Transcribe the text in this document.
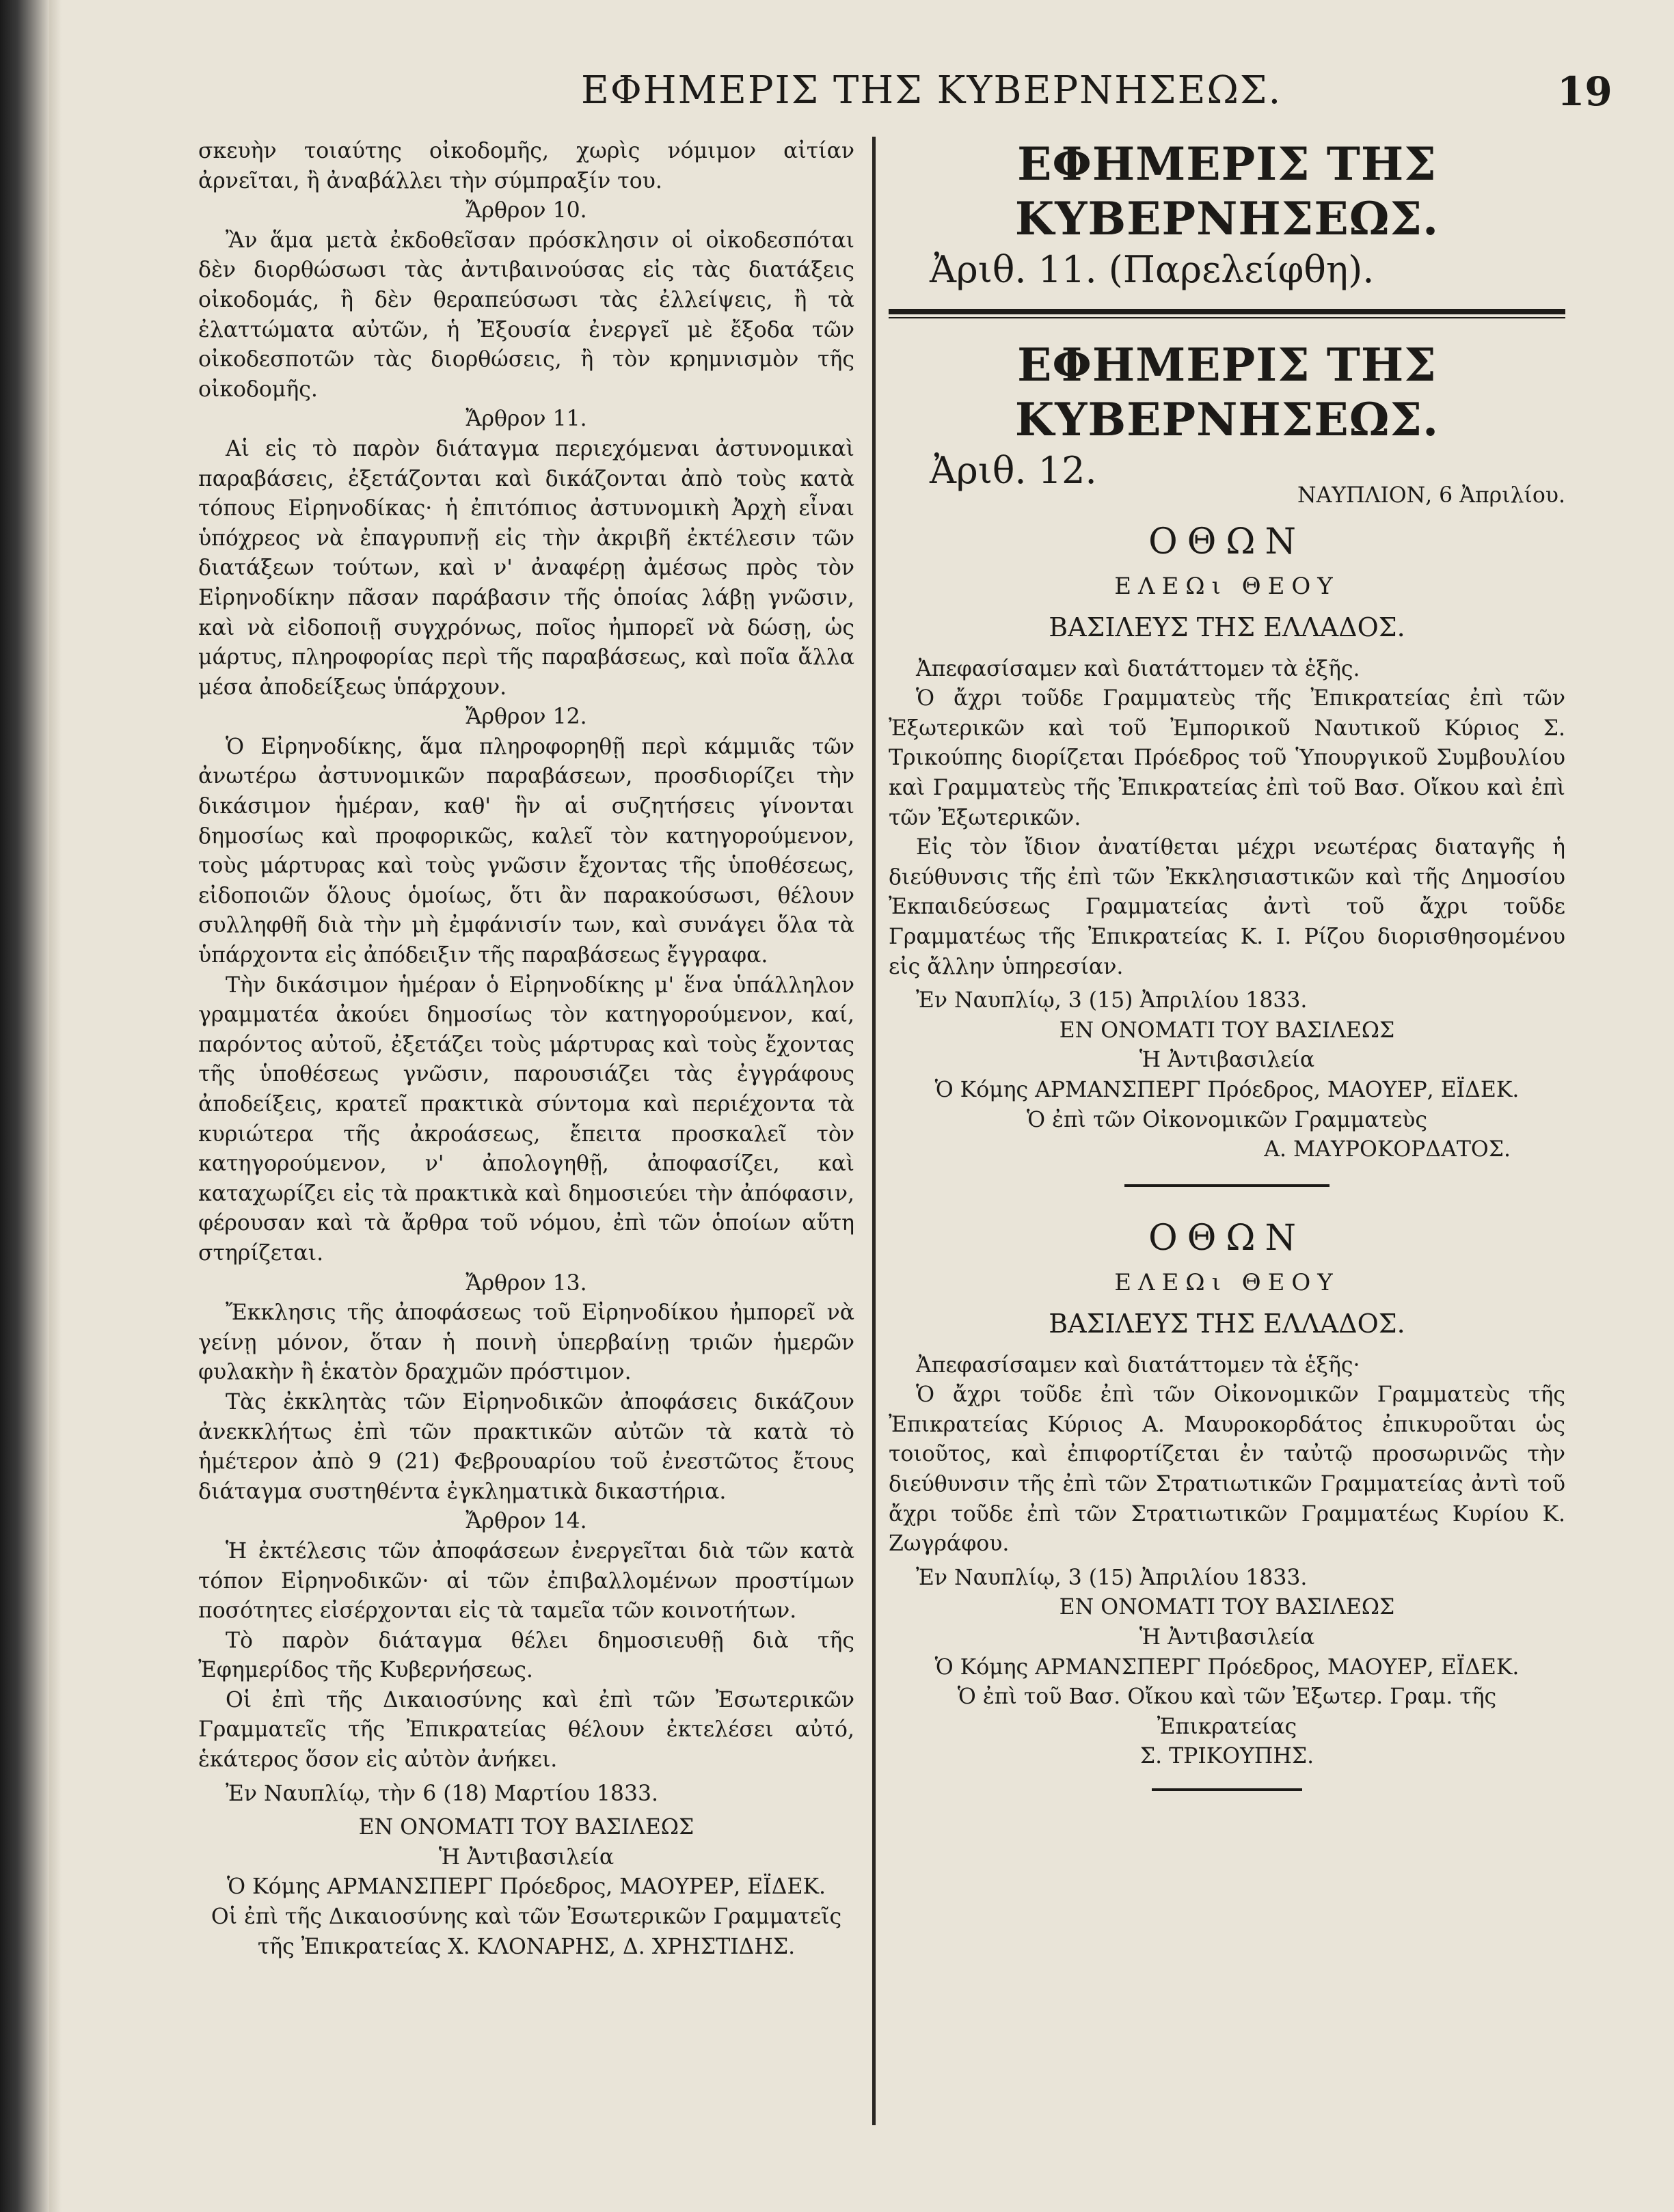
ΕΦΗΜΕΡΙΣ ΤΗΣ ΚΥΒΕΡΝΗΣΕΩΣ.	19
σκευὴν τοιαύτης οἰκοδομῆς, χωρὶς νόμιμον αἰτίαν ἀρνεῖται, ἢ ἀναβάλλει τὴν σύμπραξίν του.
Ἄρθρον 10.
Ἂν ἅμα μετὰ ἐκδοθεῖσαν πρόσκλησιν οἱ οἰκοδεσπόται δὲν διορθώσωσι τὰς ἀντιβαινούσας εἰς τὰς διατάξεις οἰκοδομάς, ἢ δὲν θεραπεύσωσι τὰς ἐλλείψεις, ἢ τὰ ἐλαττώματα αὐτῶν, ἡ Ἐξουσία ἐνεργεῖ μὲ ἔξοδα τῶν οἰκοδεσποτῶν τὰς διορθώσεις, ἢ τὸν κρημνισμὸν τῆς οἰκοδομῆς.
Ἄρθρον 11.
Αἱ εἰς τὸ παρὸν διάταγμα περιεχόμεναι ἀστυνομικαὶ παραβάσεις, ἐξετάζονται καὶ δικάζονται ἀπὸ τοὺς κατὰ τόπους Εἰρηνοδίκας· ἡ ἐπιτόπιος ἀστυνομικὴ Ἀρχὴ εἶναι ὑπόχρεος νὰ ἐπαγρυπνῇ εἰς τὴν ἀκριβῆ ἐκτέλεσιν τῶν διατάξεων τούτων, καὶ ν' ἀναφέρῃ ἀμέσως πρὸς τὸν Εἰρηνοδίκην πᾶσαν παράβασιν τῆς ὁποίας λάβῃ γνῶσιν, καὶ νὰ εἰδοποιῇ συγχρόνως, ποῖος ἠμπορεῖ νὰ δώσῃ, ὡς μάρτυς, πληροφορίας περὶ τῆς παραβάσεως, καὶ ποῖα ἄλλα μέσα ἀποδείξεως ὑπάρχουν.
Ἄρθρον 12.
Ὁ Εἰρηνοδίκης, ἅμα πληροφορηθῇ περὶ κάμμιᾶς τῶν ἀνωτέρω ἀστυνομικῶν παραβάσεων, προσδιορίζει τὴν δικάσιμον ἡμέραν, καθ' ἣν αἱ συζητήσεις γίνονται δημοσίως καὶ προφορικῶς, καλεῖ τὸν κατηγορούμενον, τοὺς μάρτυρας καὶ τοὺς γνῶσιν ἔχοντας τῆς ὑποθέσεως, εἰδοποιῶν ὅλους ὁμοίως, ὅτι ἂν παρακούσωσι, θέλουν συλληφθῆ διὰ τὴν μὴ ἐμφάνισίν των, καὶ συνάγει ὅλα τὰ ὑπάρχοντα εἰς ἀπόδειξιν τῆς παραβάσεως ἔγγραφα.
Τὴν δικάσιμον ἡμέραν ὁ Εἰρηνοδίκης μ' ἕνα ὑπάλληλον γραμματέα ἀκούει δημοσίως τὸν κατηγορούμενον, καί, παρόντος αὐτοῦ, ἐξετάζει τοὺς μάρτυρας καὶ τοὺς ἔχοντας τῆς ὑποθέσεως γνῶσιν, παρουσιάζει τὰς ἐγγράφους ἀποδείξεις, κρατεῖ πρακτικὰ σύντομα καὶ περιέχοντα τὰ κυριώτερα τῆς ἀκροάσεως, ἔπειτα προσκαλεῖ τὸν κατηγορούμενον, ν' ἀπολογηθῇ, ἀποφασίζει, καὶ καταχωρίζει εἰς τὰ πρακτικὰ καὶ δημοσιεύει τὴν ἀπόφασιν, φέρουσαν καὶ τὰ ἄρθρα τοῦ νόμου, ἐπὶ τῶν ὁποίων αὕτη στηρίζεται.
Ἄρθρον 13.
Ἔκκλησις τῆς ἀποφάσεως τοῦ Εἰρηνοδίκου ἠμπορεῖ νὰ γείνῃ μόνον, ὅταν ἡ ποινὴ ὑπερβαίνῃ τριῶν ἡμερῶν φυλακὴν ἢ ἑκατὸν δραχμῶν πρόστιμον.
Τὰς ἐκκλητὰς τῶν Εἰρηνοδικῶν ἀποφάσεις δικάζουν ἀνεκκλήτως ἐπὶ τῶν πρακτικῶν αὐτῶν τὰ κατὰ τὸ ἡμέτερον ἀπὸ 9 (21) Φεβρουαρίου τοῦ ἐνεστῶτος ἔτους διάταγμα συστηθέντα ἐγκληματικὰ δικαστήρια.
Ἄρθρον 14.
Ἡ ἐκτέλεσις τῶν ἀποφάσεων ἐνεργεῖται διὰ τῶν κατὰ τόπον Εἰρηνοδικῶν· αἱ τῶν ἐπιβαλλομένων προστίμων ποσότητες εἰσέρχονται εἰς τὰ ταμεῖα τῶν κοινοτήτων.
Τὸ παρὸν διάταγμα θέλει δημοσιευθῇ διὰ τῆς Ἐφημερίδος τῆς Κυβερνήσεως.
Οἱ ἐπὶ τῆς Δικαιοσύνης καὶ ἐπὶ τῶν Ἐσωτερικῶν Γραμματεῖς τῆς Ἐπικρατείας θέλουν ἐκτελέσει αὐτό, ἑκάτερος ὅσον εἰς αὐτὸν ἀνήκει.
Ἐν Ναυπλίῳ, τὴν 6 (18) Μαρτίου 1833.
ΕΝ ΟΝΟΜΑΤΙ ΤΟΥ ΒΑΣΙΛΕΩΣ
Ἡ Ἀντιβασιλεία
Ὁ Κόμης ΑΡΜΑΝΣΠΕΡΓ Πρόεδρος, ΜΑΟΥΡΕΡ, ΕΪΔΕΚ.
Οἱ ἐπὶ τῆς Δικαιοσύνης καὶ τῶν Ἐσωτερικῶν Γραμματεῖς
τῆς Ἐπικρατείας Χ. ΚΛΟΝΑΡΗΣ, Δ. ΧΡΗΣΤΙΔΗΣ.
ΕΦΗΜΕΡΙΣ ΤΗΣ ΚΥΒΕΡΝΗΣΕΩΣ.
Ἀριθ. 11. (Παρελείφθη).
ΕΦΗΜΕΡΙΣ ΤΗΣ ΚΥΒΕΡΝΗΣΕΩΣ.
Ἀριθ. 12.
ΝΑΥΠΛΙΟΝ, 6 Ἀπριλίου.
ΟΘΩΝ
ΕΛΕΩι ΘΕΟΥ
ΒΑΣΙΛΕΥΣ ΤΗΣ ΕΛΛΑΔΟΣ.
Ἀπεφασίσαμεν καὶ διατάττομεν τὰ ἑξῆς.
Ὁ ἄχρι τοῦδε Γραμματεὺς τῆς Ἐπικρατείας ἐπὶ τῶν Ἐξωτερικῶν καὶ τοῦ Ἐμπορικοῦ Ναυτικοῦ Κύριος Σ. Τρικούπης διορίζεται Πρόεδρος τοῦ Ὑπουργικοῦ Συμβουλίου καὶ Γραμματεὺς τῆς Ἐπικρατείας ἐπὶ τοῦ Βασ. Οἴκου καὶ ἐπὶ τῶν Ἐξωτερικῶν.
Εἰς τὸν ἴδιον ἀνατίθεται μέχρι νεωτέρας διαταγῆς ἡ διεύθυνσις τῆς ἐπὶ τῶν Ἐκκλησιαστικῶν καὶ τῆς Δημοσίου Ἐκπαιδεύσεως Γραμματείας ἀντὶ τοῦ ἄχρι τοῦδε Γραμματέως τῆς Ἐπικρατείας Κ. Ι. Ρίζου διορισθησομένου εἰς ἄλλην ὑπηρεσίαν.
Ἐν Ναυπλίῳ, 3 (15) Ἀπριλίου 1833.
ΕΝ ΟΝΟΜΑΤΙ ΤΟΥ ΒΑΣΙΛΕΩΣ
Ἡ Ἀντιβασιλεία
Ὁ Κόμης ΑΡΜΑΝΣΠΕΡΓ Πρόεδρος, ΜΑΟΥΕΡ, ΕΪΔΕΚ.
Ὁ ἐπὶ τῶν Οἰκονομικῶν Γραμματεὺς
Α. ΜΑΥΡΟΚΟΡΔΑΤΟΣ.
ΟΘΩΝ
ΕΛΕΩι ΘΕΟΥ
ΒΑΣΙΛΕΥΣ ΤΗΣ ΕΛΛΑΔΟΣ.
Ἀπεφασίσαμεν καὶ διατάττομεν τὰ ἑξῆς·
Ὁ ἄχρι τοῦδε ἐπὶ τῶν Οἰκονομικῶν Γραμματεὺς τῆς Ἐπικρατείας Κύριος Α. Μαυροκορδάτος ἐπικυροῦται ὡς τοιοῦτος, καὶ ἐπιφορτίζεται ἐν ταὐτῷ προσωρινῶς τὴν διεύθυνσιν τῆς ἐπὶ τῶν Στρατιωτικῶν Γραμματείας ἀντὶ τοῦ ἄχρι τοῦδε ἐπὶ τῶν Στρατιωτικῶν Γραμματέως Κυρίου Κ. Ζωγράφου.
Ἐν Ναυπλίῳ, 3 (15) Ἀπριλίου 1833.
ΕΝ ΟΝΟΜΑΤΙ ΤΟΥ ΒΑΣΙΛΕΩΣ
Ἡ Ἀντιβασιλεία
Ὁ Κόμης ΑΡΜΑΝΣΠΕΡΓ Πρόεδρος, ΜΑΟΥΕΡ, ΕΪΔΕΚ.
Ὁ ἐπὶ τοῦ Βασ. Οἴκου καὶ τῶν Ἐξωτερ. Γραμ. τῆς Ἐπικρατείας
Σ. ΤΡΙΚΟΥΠΗΣ.
